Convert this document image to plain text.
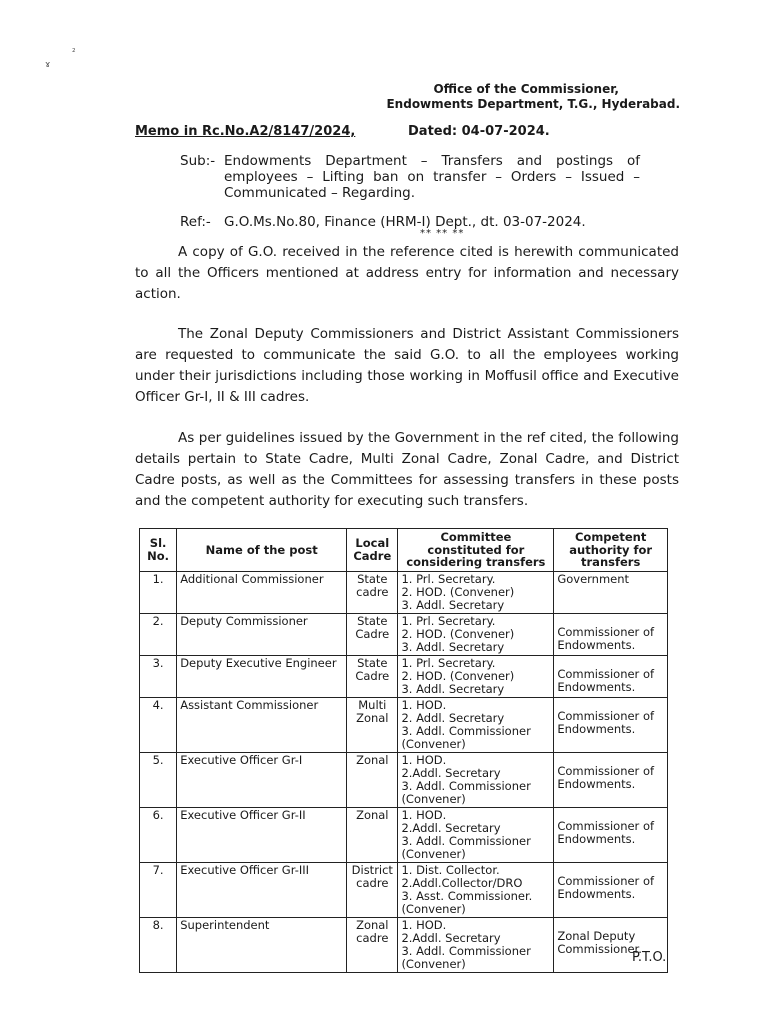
²
ɤ
Office of the Commissioner,
Endowments Department, T.G., Hyderabad.
Memo in Rc.No.A2/8147/2024,	Dated: 04-07-2024.
Sub:- Endowments Department – Transfers and postings of employees – Lifting ban on transfer – Orders – Issued – Communicated – Regarding.
Ref:- G.O.Ms.No.80, Finance (HRM-I) Dept., dt. 03-07-2024.
** ** **
A copy of G.O. received in the reference cited is herewith communicated to all the Officers mentioned at address entry for information and necessary action.
The Zonal Deputy Commissioners and District Assistant Commissioners are requested to communicate the said G.O. to all the employees working under their jurisdictions including those working in Moffusil office and Executive Officer Gr-I, II & III cadres.
As per guidelines issued by the Government in the ref cited, the following details pertain to State Cadre, Multi Zonal Cadre, Zonal Cadre, and District Cadre posts, as well as the Committees for assessing transfers in these posts and the competent authority for executing such transfers.
Sl. No.	Name of the post	Local Cadre	Committee constituted for considering transfers	Competent authority for transfers
1.	Additional Commissioner	State cadre	1. Prl. Secretary.
2. HOD. (Convener)
3. Addl. Secretary	Government
2.	Deputy Commissioner	State Cadre	1. Prl. Secretary.
2. HOD. (Convener)
3. Addl. Secretary	Commissioner of Endowments.
3.	Deputy Executive Engineer	State Cadre	1. Prl. Secretary.
2. HOD. (Convener)
3. Addl. Secretary	Commissioner of Endowments.
4.	Assistant Commissioner	Multi Zonal	1. HOD.
2. Addl. Secretary
3. Addl. Commissioner
(Convener)	Commissioner of Endowments.
5.	Executive Officer Gr-I	Zonal	1. HOD.
2.Addl. Secretary
3. Addl. Commissioner
(Convener)	Commissioner of Endowments.
6.	Executive Officer Gr-II	Zonal	1. HOD.
2.Addl. Secretary
3. Addl. Commissioner
(Convener)	Commissioner of Endowments.
7.	Executive Officer Gr-III	District cadre	1. Dist. Collector.
2.Addl.Collector/DRO
3. Asst. Commissioner.
(Convener)	Commissioner of Endowments.
8.	Superintendent	Zonal cadre	1. HOD.
2.Addl. Secretary
3. Addl. Commissioner
(Convener)	Zonal Deputy Commissioner.
P.T.O.
